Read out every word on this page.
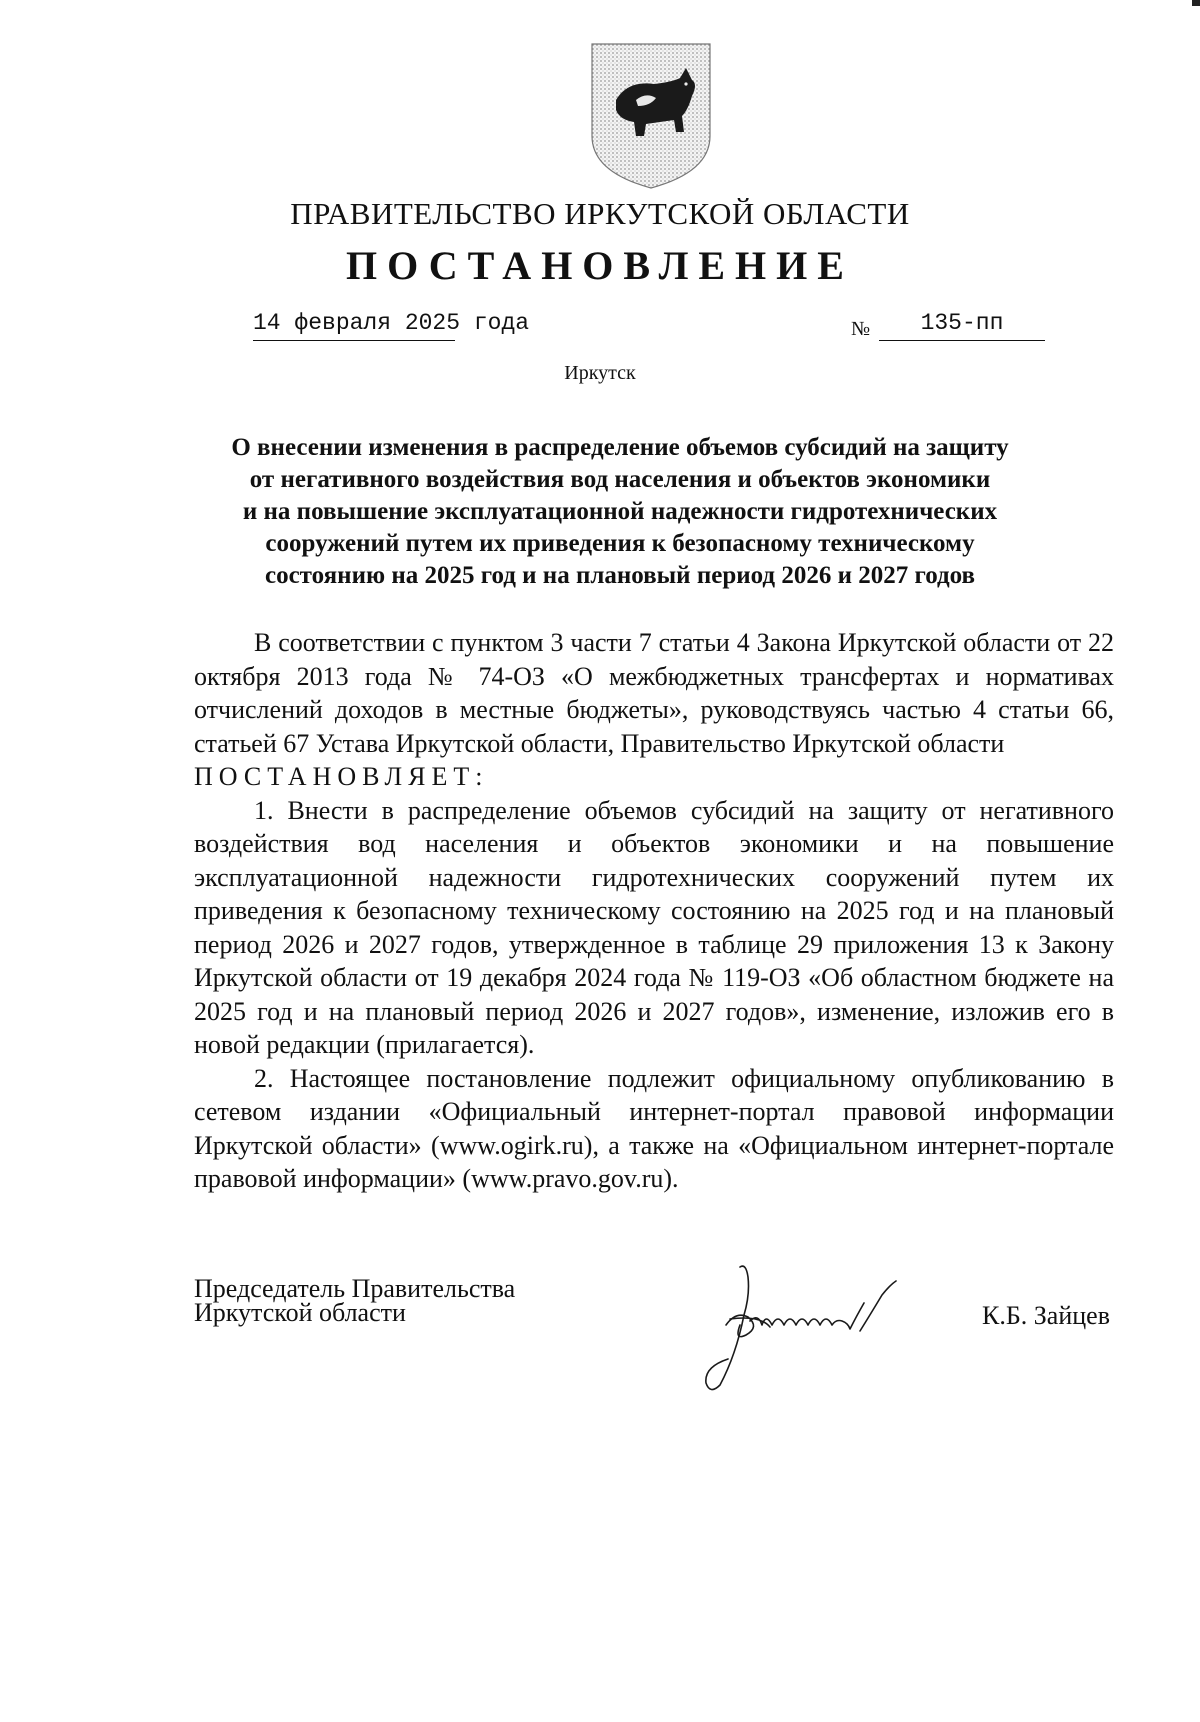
ПРАВИТЕЛЬСТВО ИРКУТСКОЙ ОБЛАСТИ
ПОСТАНОВЛЕНИЕ
14 февраля 2025 года	№	135-пп
Иркутск
О внесении изменения в распределение объемов субсидий на защиту
от негативного воздействия вод населения и объектов экономики
и на повышение эксплуатационной надежности гидротехнических
сооружений путем их приведения к безопасному техническому
состоянию на 2025 год и на плановый период 2026 и 2027 годов

В соответствии с пунктом 3 части 7 статьи 4 Закона Иркутской области от 22 октября 2013 года № 74-ОЗ «О межбюджетных трансфертах и нормативах отчислений доходов в местные бюджеты», руководствуясь частью 4 статьи 66, статьей 67 Устава Иркутской области, Правительство Иркутской области

ПОСТАНОВЛЯЕТ:

1. Внести в распределение объемов субсидий на защиту от негативного воздействия вод населения и объектов экономики и на повышение эксплуатационной надежности гидротехнических сооружений путем их приведения к безопасному техническому состоянию на 2025 год и на плановый период 2026 и 2027 годов, утвержденное в таблице 29 приложения 13 к Закону Иркутской области от 19 декабря 2024 года № 119-ОЗ «Об областном бюджете на 2025 год и на плановый период 2026 и 2027 годов», изменение, изложив его в новой редакции (прилагается).

2. Настоящее постановление подлежит официальному опубликованию в сетевом издании «Официальный интернет-портал правовой информации Иркутской области» (www.ogirk.ru), а также на «Официальном интернет-портале правовой информации» (www.pravo.gov.ru).

Председатель Правительства
Иркутской области	К.Б. Зайцев
